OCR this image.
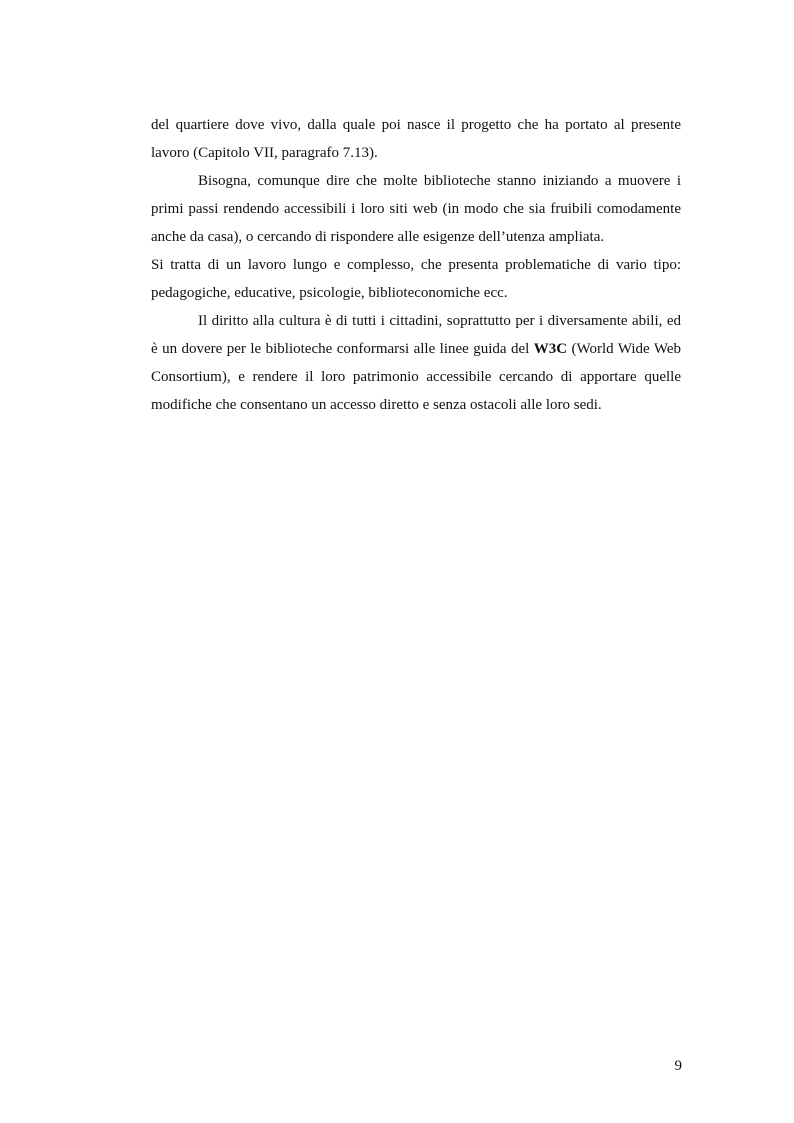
del quartiere dove vivo, dalla quale poi nasce il progetto che ha portato al presente lavoro (Capitolo VII, paragrafo 7.13).

Bisogna, comunque dire che molte biblioteche stanno iniziando a muovere i primi passi rendendo accessibili i loro siti web (in modo che sia fruibili comodamente anche da casa), o cercando di rispondere alle esigenze dell’utenza ampliata.

Si tratta di un lavoro lungo e complesso, che presenta problematiche di vario tipo: pedagogiche, educative, psicologie, biblioteconomiche ecc.

Il diritto alla cultura è di tutti i cittadini, soprattutto per i diversamente abili, ed è un dovere per le biblioteche conformarsi alle linee guida del W3C (World Wide Web Consortium), e rendere il loro patrimonio accessibile cercando di apportare quelle modifiche che consentano un accesso diretto e senza ostacoli alle loro sedi.

9
